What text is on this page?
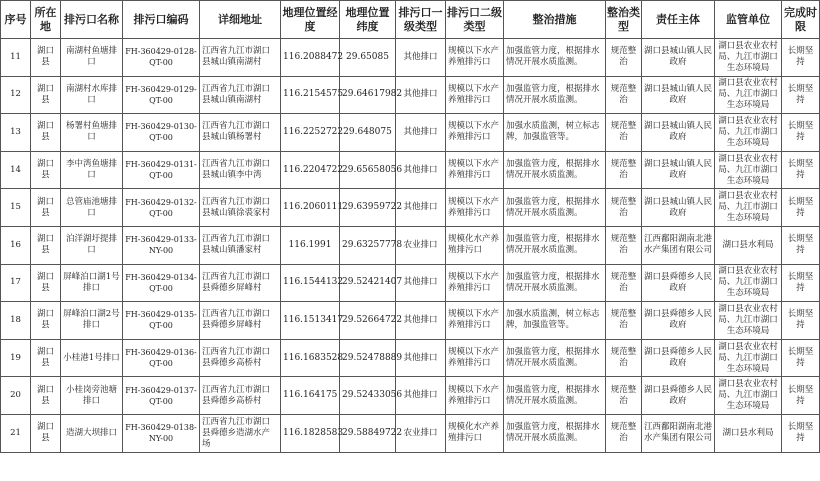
序号	所在地	排污口名称	排污口编码	详细地址	地理位置经度	地理位置纬度	排污口一级类型	排污口二级类型	整治措施	整治类型	责任主体	监管单位	完成时限
11	湖口县	南湖村鱼塘排口	FH-360429-0128-QT-00	江西省九江市湖口县城山镇南湖村	116.2088472	29.65085	其他排口	规模以下水产养殖排污口	加强监管力度，根据排水情况开展水质监测。	规范整治	湖口县城山镇人民政府	湖口县农业农村局、九江市湖口生态环境局	长期坚持
12	湖口县	南湖村水库排口	FH-360429-0129-QT-00	江西省九江市湖口县城山镇南湖村	116.2154575	29.64617982	其他排口	规模以下水产养殖排污口	加强监管力度，根据排水情况开展水质监测。	规范整治	湖口县城山镇人民政府	湖口县农业农村局、九江市湖口生态环境局	长期坚持
13	湖口县	杨署村鱼塘排口	FH-360429-0130-QT-00	江西省九江市湖口县城山镇杨署村	116.2252722	29.648075	其他排口	规模以下水产养殖排污口	加强水质监测，树立标志牌，加强监管等。	规范整治	湖口县城山镇人民政府	湖口县农业农村局、九江市湖口生态环境局	长期坚持
14	湖口县	李中湾鱼塘排口	FH-360429-0131-QT-00	江西省九江市湖口县城山镇李中湾	116.2204722	29.65658056	其他排口	规模以下水产养殖排污口	加强监管力度，根据排水情况开展水质监测。	规范整治	湖口县城山镇人民政府	湖口县农业农村局、九江市湖口生态环境局	长期坚持
15	湖口县	总管庙池塘排口	FH-360429-0132-QT-00	江西省九江市湖口县城山镇徐裘家村	116.2060111	29.63959722	其他排口	规模以下水产养殖排污口	加强监管力度，根据排水情况开展水质监测。	规范整治	湖口县城山镇人民政府	湖口县农业农村局、九江市湖口生态环境局	长期坚持
16	湖口县	泊洋湖圩提排口	FH-360429-0133-NY-00	江西省九江市湖口县城山镇潘家村	116.1991	29.63257778	农业排口	规模化水产养殖排污口	加强监管力度，根据排水情况开展水质监测。	规范整治	江西鄱阳湖南北港水产集团有限公司	湖口县水利局	长期坚持
17	湖口县	屏峰泊口湖1号排口	FH-360429-0134-QT-00	江西省九江市湖口县舜德乡屏峰村	116.1544132	29.52421407	其他排口	规模以下水产养殖排污口	加强监管力度，根据排水情况开展水质监测。	规范整治	湖口县舜德乡人民政府	湖口县农业农村局、九江市湖口生态环境局	长期坚持
18	湖口县	屏峰泊口湖2号排口	FH-360429-0135-QT-00	江西省九江市湖口县舜德乡屏峰村	116.1513417	29.52664722	其他排口	规模以下水产养殖排污口	加强水质监测，树立标志牌，加强监管等。	规范整治	湖口县舜德乡人民政府	湖口县农业农村局、九江市湖口生态环境局	长期坚持
19	湖口县	小桂港1号排口	FH-360429-0136-QT-00	江西省九江市湖口县舜德乡高桥村	116.1683528	29.52478889	其他排口	规模以下水产养殖排污口	加强监管力度，根据排水情况开展水质监测。	规范整治	湖口县舜德乡人民政府	湖口县农业农村局、九江市湖口生态环境局	长期坚持
20	湖口县	小桂岗旁池塘排口	FH-360429-0137-QT-00	江西省九江市湖口县舜德乡高桥村	116.164175	29.52433056	其他排口	规模以下水产养殖排污口	加强监管力度，根据排水情况开展水质监测。	规范整治	湖口县舜德乡人民政府	湖口县农业农村局、九江市湖口生态环境局	长期坚持
21	湖口县	造湖大坝排口	FH-360429-0138-NY-00	江西省九江市湖口县舜德乡造湖水产场	116.1828583	29.58849722	农业排口	规模化水产养殖排污口	加强监管力度，根据排水情况开展水质监测。	规范整治	江西鄱阳湖南北港水产集团有限公司	湖口县水利局	长期坚持
